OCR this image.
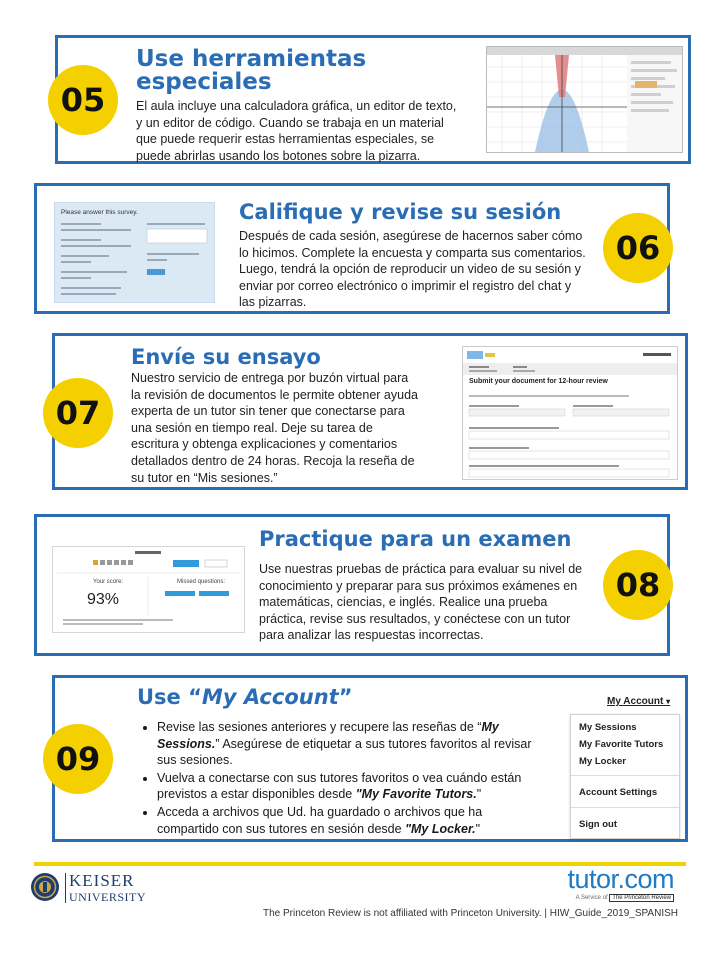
Use herramientas
especiales

El aula incluye una calculadora gráfica, un editor de texto, y un editor de código. Cuando se trabaja en un material que puede requerir estas herramientas especiales, se puede abrirlas usando los botones sobre la pizarra.

05
Please answer this survey.	Califique y revise su sesión

Después de cada sesión, asegúrese de hacernos saber cómo lo hicimos. Complete la encuesta y comparta sus comentarios. Luego, tendrá la opción de reproducir un video de su sesión y enviar por correo electrónico o imprimir el registro del chat y las pizarras.

06

Envíe su ensayo

Nuestro servicio de entrega por buzón virtual para la revisión de documentos le permite obtener ayuda experta de un tutor sin tener que conectarse para una sesión en tiempo real. Deje su tarea de escritura y obtenga explicaciones y comentarios detallados dentro de 24 horas. Recoja la reseña de su tutor en “Mis sesiones.”

Submit your document for 12-hour review
07
Your score:
93%
Missed questions:

Practique para un examen

Use nuestras pruebas de práctica para evaluar su nivel de conocimiento y preparar para sus próximos exámenes en matemáticas, ciencias, e inglés. Realice una prueba práctica, revise sus resultados, y conéctese con un tutor para analizar las respuestas incorrectas.

08

Use “My Account”

• Revise las sesiones anteriores y recupere las reseñas de “My Sessions.” Asegúrese de etiquetar a sus tutores favoritos al revisar sus sesiones.
• Vuelva a conectarse con sus tutores favoritos o vea cuándo están previstos a estar disponibles desde "My Favorite Tutors."
• Acceda a archivos que Ud. ha guardado o archivos que ha compartido con sus tutores en sesión desde "My Locker."
My Account ▾
My Sessions
My Favorite Tutors
My Locker
Account Settings
Sign out
09
KEISER
UNIVERSITY
tutor.com
A Service of The Princeton Review
The Princeton Review is not affiliated with Princeton University. | HIW_Guide_2019_SPANISH
